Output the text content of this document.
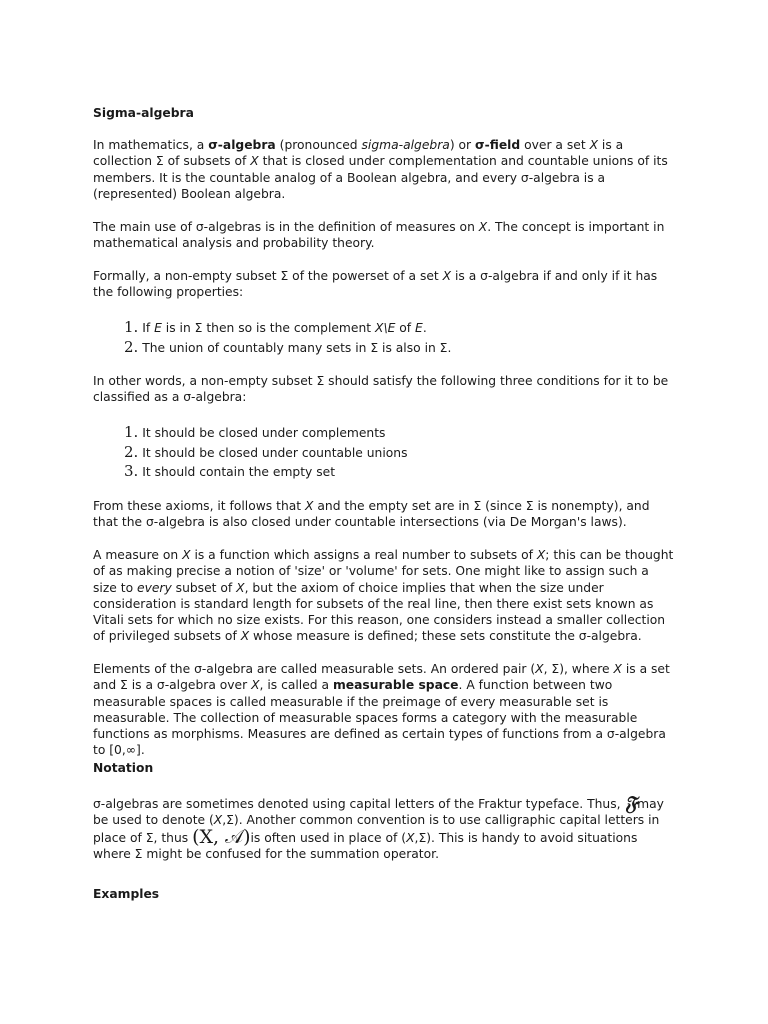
Sigma-algebra

In mathematics, a σ-algebra (pronounced sigma-algebra) or σ-field over a set X is a collection Σ of subsets of X that is closed under complementation and countable unions of its members. It is the countable analog of a Boolean algebra, and every σ-algebra is a (represented) Boolean algebra.

The main use of σ-algebras is in the definition of measures on X. The concept is important in mathematical analysis and probability theory.

Formally, a non-empty subset Σ of the powerset of a set X is a σ-algebra if and only if it has the following properties:

1. If E is in Σ then so is the complement X\E of E.
2. The union of countably many sets in Σ is also in Σ.

In other words, a non-empty subset Σ should satisfy the following three conditions for it to be classified as a σ-algebra:

1. It should be closed under complements
2. It should be closed under countable unions
3. It should contain the empty set

From these axioms, it follows that X and the empty set are in Σ (since Σ is nonempty), and that the σ-algebra is also closed under countable intersections (via De Morgan's laws).

A measure on X is a function which assigns a real number to subsets of X; this can be thought of as making precise a notion of 'size' or 'volume' for sets. One might like to assign such a size to every subset of X, but the axiom of choice implies that when the size under consideration is standard length for subsets of the real line, then there exist sets known as Vitali sets for which no size exists. For this reason, one considers instead a smaller collection of privileged subsets of X whose measure is defined; these sets constitute the σ-algebra.

Elements of the σ-algebra are called measurable sets. An ordered pair (X, Σ), where X is a set and Σ is a σ-algebra over X, is called a measurable space. A function between two measurable spaces is called measurable if the preimage of every measurable set is measurable. The collection of measurable spaces forms a category with the measurable functions as morphisms. Measures are defined as certain types of functions from a σ-algebra to [0,∞].

Notation

σ-algebras are sometimes denoted using capital letters of the Fraktur typeface. Thus, 𝔉may be used to denote (X,Σ). Another common convention is to use calligraphic capital letters in place of Σ, thus (X, 𝒜)is often used in place of (X,Σ). This is handy to avoid situations where Σ might be confused for the summation operator.

Examples
